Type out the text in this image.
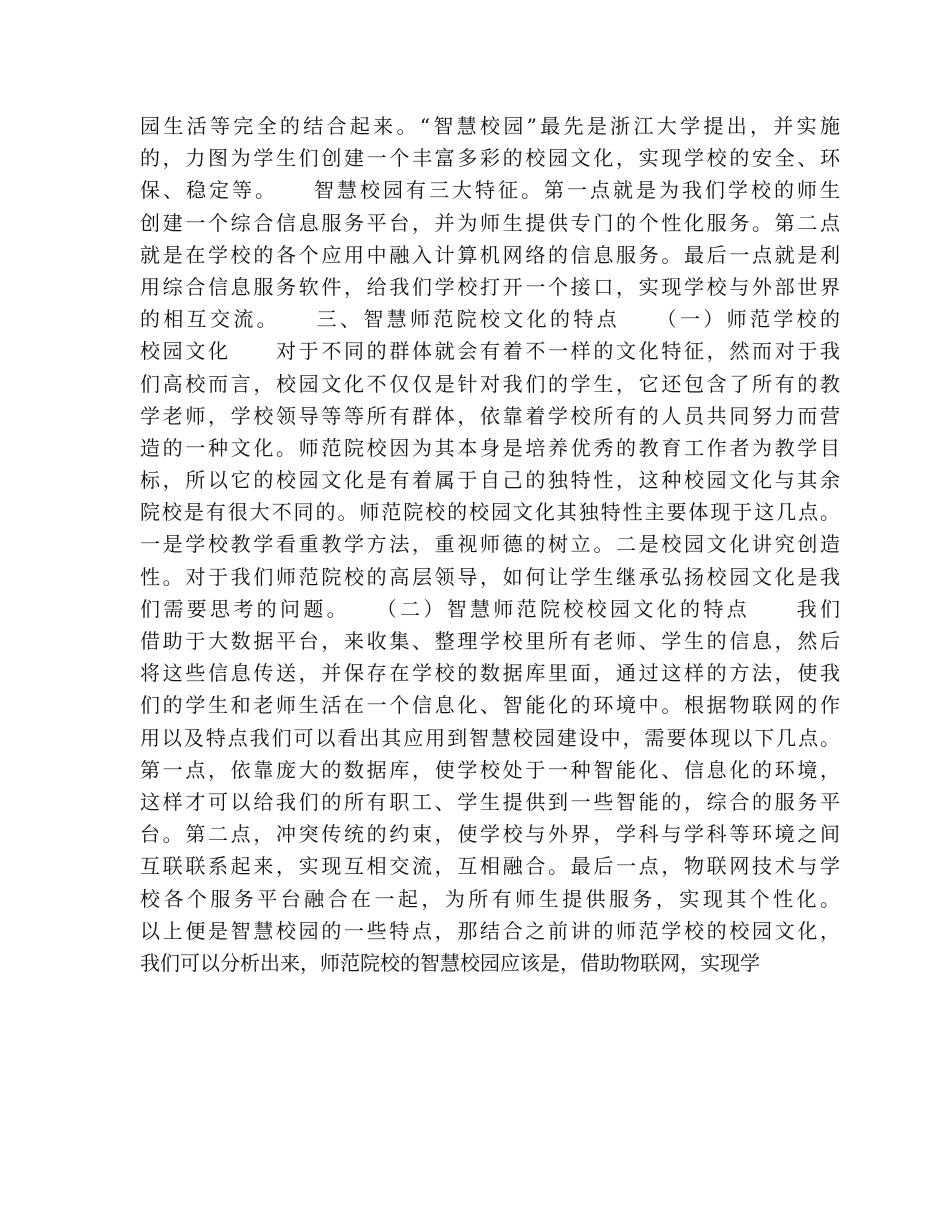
园生活等完全的结合起来。“智慧校园”最先是浙江大学提出，并实施
的，力图为学生们创建一个丰富多彩的校园文化，实现学校的安全、环
保、稳定等。　　智慧校园有三大特征。第一点就是为我们学校的师生
创建一个综合信息服务平台，并为师生提供专门的个性化服务。第二点
就是在学校的各个应用中融入计算机网络的信息服务。最后一点就是利
用综合信息服务软件，给我们学校打开一个接口，实现学校与外部世界
的相互交流。　　三、智慧师范院校文化的特点　　（一）师范学校的
校园文化　　对于不同的群体就会有着不一样的文化特征，然而对于我
们高校而言，校园文化不仅仅是针对我们的学生，它还包含了所有的教
学老师，学校领导等等所有群体，依靠着学校所有的人员共同努力而营
造的一种文化。师范院校因为其本身是培养优秀的教育工作者为教学目
标，所以它的校园文化是有着属于自己的独特性，这种校园文化与其余
院校是有很大不同的。师范院校的校园文化其独特性主要体现于这几点。
一是学校教学看重教学方法，重视师德的树立。二是校园文化讲究创造
性。对于我们师范院校的高层领导，如何让学生继承弘扬校园文化是我
们需要思考的问题。　　（二）智慧师范院校校园文化的特点　　我们
借助于大数据平台，来收集、整理学校里所有老师、学生的信息，然后
将这些信息传送，并保存在学校的数据库里面，通过这样的方法，使我
们的学生和老师生活在一个信息化、智能化的环境中。根据物联网的作
用以及特点我们可以看出其应用到智慧校园建设中，需要体现以下几点。
第一点，依靠庞大的数据库，使学校处于一种智能化、信息化的环境，
这样才可以给我们的所有职工、学生提供到一些智能的，综合的服务平
台。第二点，冲突传统的约束，使学校与外界，学科与学科等环境之间
互联联系起来，实现互相交流，互相融合。最后一点，物联网技术与学
校各个服务平台融合在一起，为所有师生提供服务，实现其个性化。
以上便是智慧校园的一些特点，那结合之前讲的师范学校的校园文化，
我们可以分析出来，师范院校的智慧校园应该是，借助物联网，实现学
